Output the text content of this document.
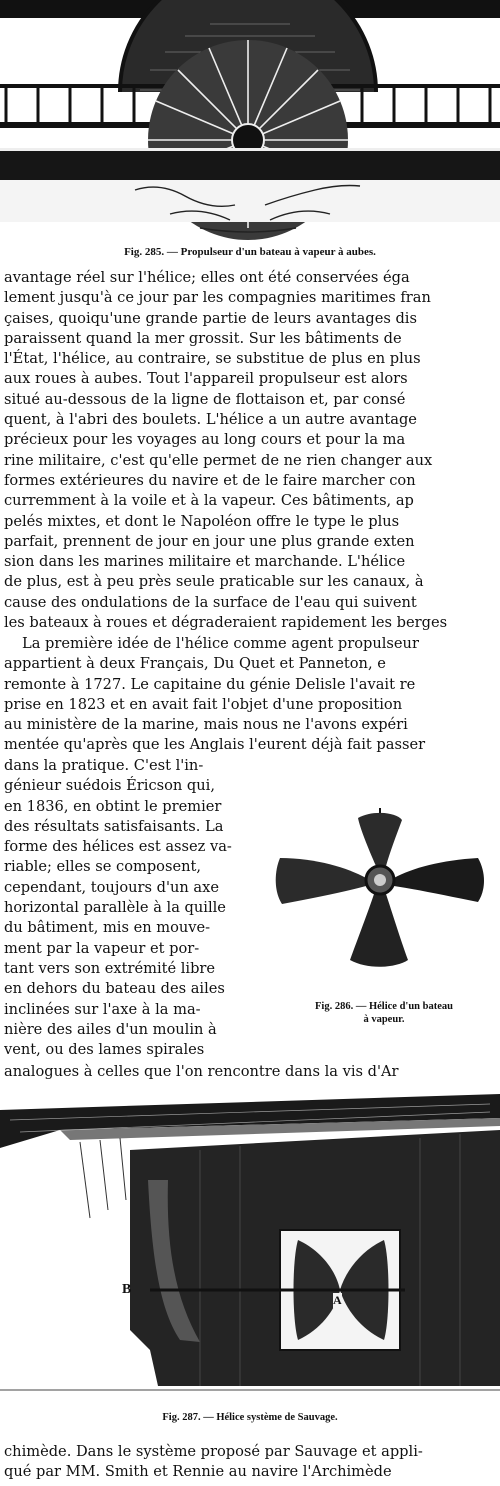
Fig. 285. — Propulseur d'un bateau à vapeur à aubes.
avantage réel sur l'hélice; elles ont été conservées éga
lement jusqu'à ce jour par les compagnies maritimes fran
çaises, quoiqu'une grande partie de leurs avantages dis
paraissent quand la mer grossit. Sur les bâtiments de
l'État, l'hélice, au contraire, se substitue de plus en plus
aux roues à aubes. Tout l'appareil propulseur est alors
situé au-dessous de la ligne de flottaison et, par consé
quent, à l'abri des boulets. L'hélice a un autre avantage
précieux pour les voyages au long cours et pour la ma
rine militaire, c'est qu'elle permet de ne rien changer aux
formes extérieures du navire et de le faire marcher con
curremment à la voile et à la vapeur. Ces bâtiments, ap
pelés mixtes, et dont le Napoléon offre le type le plus
parfait, prennent de jour en jour une plus grande exten
sion dans les marines militaire et marchande. L'hélice
de plus, est à peu près seule praticable sur les canaux, à
cause des ondulations de la surface de l'eau qui suivent
les bateaux à roues et dégraderaient rapidement les berges
La première idée de l'hélice comme agent propulseur
appartient à deux Français, Du Quet et Panneton, e
remonte à 1727. Le capitaine du génie Delisle l'avait re
prise en 1823 et en avait fait l'objet d'une proposition
au ministère de la marine, mais nous ne l'avons expéri
mentée qu'après que les Anglais l'eurent déjà fait passer
dans la pratique. C'est l'in-
génieur suédois Éricson qui,
en 1836, en obtint le premier
des résultats satisfaisants. La
forme des hélices est assez va-
riable; elles se composent,
cependant, toujours d'un axe
horizontal parallèle à la quille
du bâtiment, mis en mouve-
ment par la vapeur et por-
tant vers son extrémité libre
en dehors du bateau des ailes
inclinées sur l'axe à la ma-
nière des ailes d'un moulin à
vent, ou des lames spirales
Fig. 286. — Hélice d'un bateau
à vapeur.
analogues à celles que l'on rencontre dans la vis d'Ar
B
A
Fig. 287. — Hélice système de Sauvage.
chimède. Dans le système proposé par Sauvage et appli-
qué par MM. Smith et Rennie au navire l'Archimède
